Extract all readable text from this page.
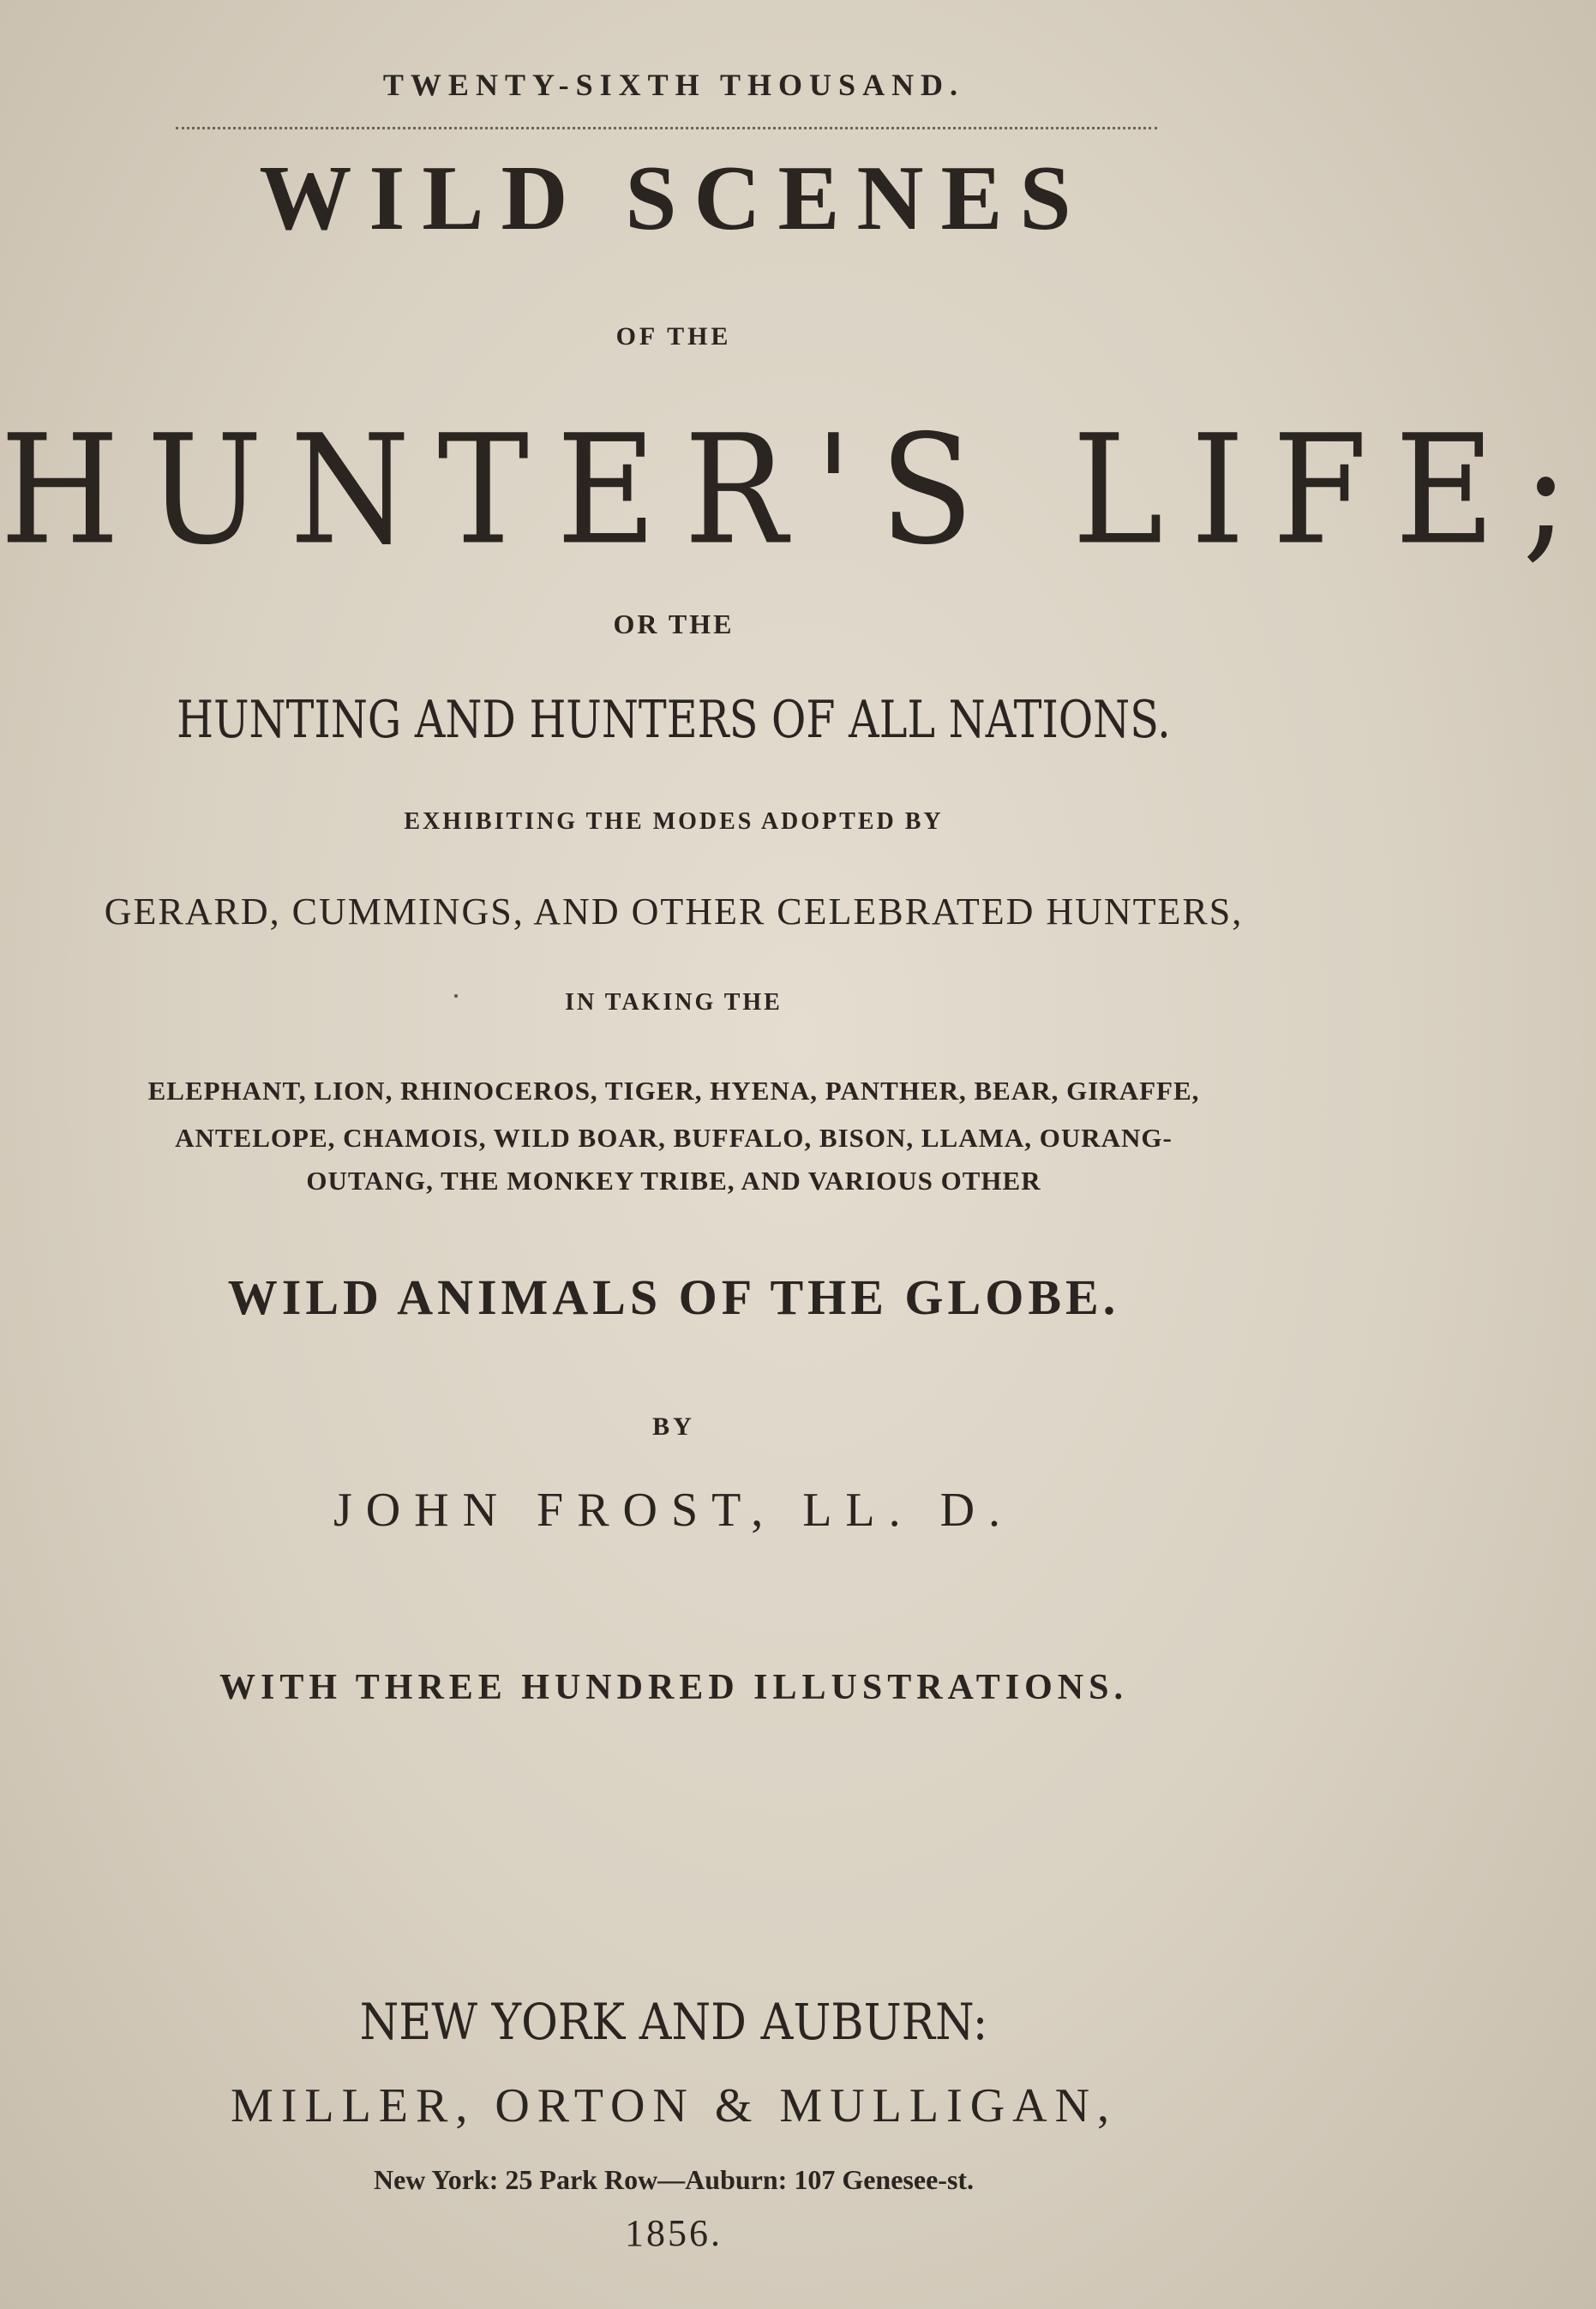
TWENTY-SIXTH THOUSAND.
WILD SCENES
OF THE
HUNTER'S LIFE;
OR THE
HUNTING AND HUNTERS OF ALL NATIONS.
EXHIBITING THE MODES ADOPTED BY
GERARD, CUMMINGS, AND OTHER CELEBRATED HUNTERS,
IN TAKING THE
ELEPHANT, LION, RHINOCEROS, TIGER, HYENA, PANTHER, BEAR, GIRAFFE,
ANTELOPE, CHAMOIS, WILD BOAR, BUFFALO, BISON, LLAMA, OURANG-
OUTANG, THE MONKEY TRIBE, AND VARIOUS OTHER
WILD ANIMALS OF THE GLOBE.
BY
JOHN FROST, LL. D.
WITH THREE HUNDRED ILLUSTRATIONS.
NEW YORK AND AUBURN:
MILLER, ORTON & MULLIGAN,
New York: 25 Park Row—Auburn: 107 Genesee-st.
1856.
